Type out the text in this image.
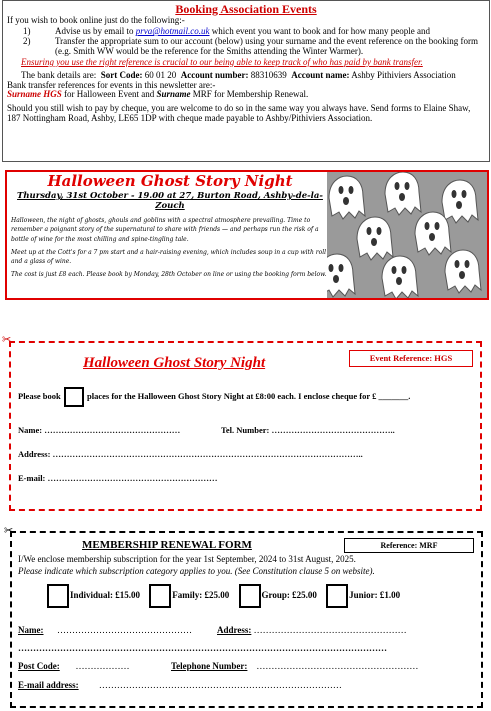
Booking Association Events
If you wish to book online just do the following:-
1)	Advise us by email to prva@hotmail.co.uk which event you want to book and for how many people and
2)	Transfer the appropriate sum to our account (below) using your surname and the event reference on the booking form (e.g. Smith WW would be the reference for the Smiths attending the Winter Warmer).
Ensuring you use the right reference is crucial to our being able to keep track of who has paid by bank transfer.
The bank details are: Sort Code: 60 01 20 Account number: 88310639 Account name: Ashby Pithiviers Association
Bank transfer references for events in this newsletter are:-
Surname HGS for Halloween Event and Surname MRF for Membership Renewal.
Should you still wish to pay by cheque, you are welcome to do so in the same way you always have. Send forms to Elaine Shaw, 187 Nottingham Road, Ashby, LE65 1DP with cheque made payable to Ashby/Pithiviers Association.
Halloween Ghost Story Night
Thursday, 31st October - 19.00 at 27, Burton Road, Ashby-de-la-Zouch

Halloween, the night of ghosts, ghouls and goblins with a spectral atmosphere prevailing. Time to remember a poignant story of the supernatural to share with friends — and perhaps run the risk of a bottle of wine for the most chilling and spine-tingling tale.

Meet up at the Cott's for a 7 pm start and a hair-raising evening, which includes soup in a cup with roll and a glass of wine.

The cost is just £8 each. Please book by Monday, 28th October on line or using the booking form below.

✂
Event Reference: HGS
Halloween Ghost Story Night
Please book	places for the Halloween Ghost Story Night at £8:00 each. I enclose cheque for £ _______.
Name: …………………………………………	Tel. Number: ……………………………………..
Address: ………………………………………………………………………………………………..
E-mail: ……………………………………………………
✂
MEMBERSHIP RENEWAL FORM	Reference: MRF
I/We enclose membership subscription for the year 1st September, 2024 to 31st August, 2025.
Please indicate which subscription category applies to you. (See Constitution clause 5 on website).
Individual: £15.00	Family: £25.00	Group: £25.00	Junior: £1.00
Name: ………………………………………	Address: ……………………………………………
……………………………………………………………………………………………………………
Post Code: ………………	Telephone Number: ………………………………………………
E-mail address: ………………………………………………………………………
